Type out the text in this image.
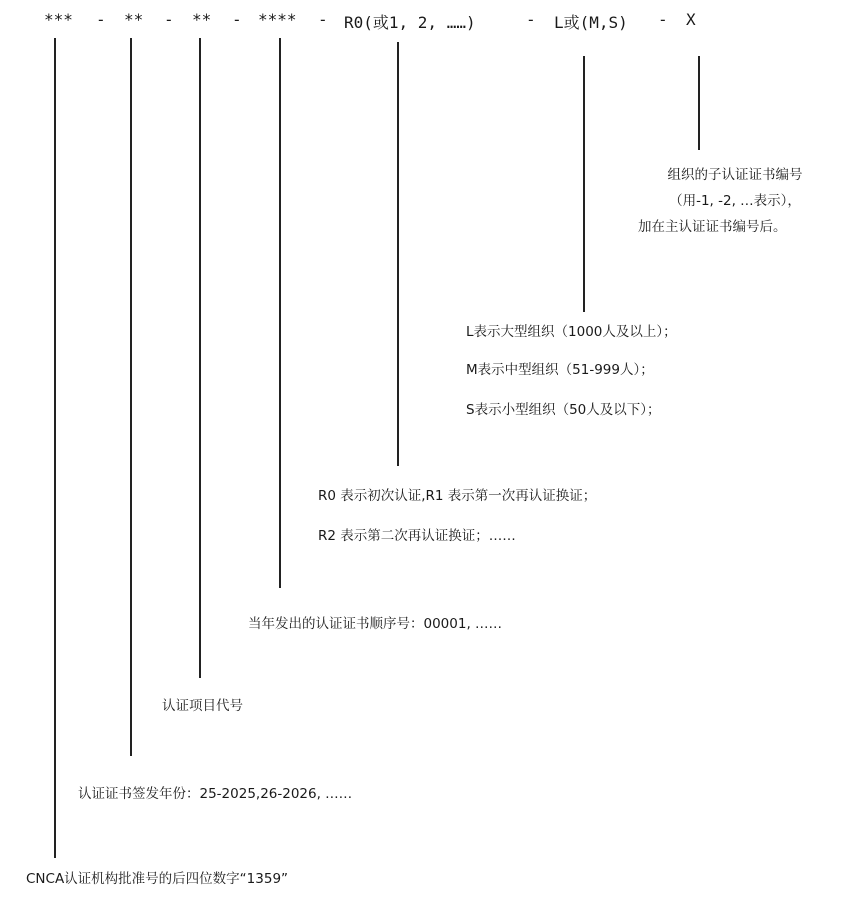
*** - ** - ** - **** - R0(或1, 2, ……)	- L或(M,S) - X
组织的子认证证书编号
（用-1, -2, …表示），
加在主认证证书编号后。
L表示大型组织（1000人及以上）；
M表示中型组织（51-999人）；
S表示小型组织（50人及以下）；
R0 表示初次认证,R1 表示第一次再认证换证；
R2 表示第二次再认证换证；……
当年发出的认证证书顺序号：00001, ……
认证项目代号
认证证书签发年份：25-2025,26-2026, ……
CNCA认证机构批准号的后四位数字“1359”
